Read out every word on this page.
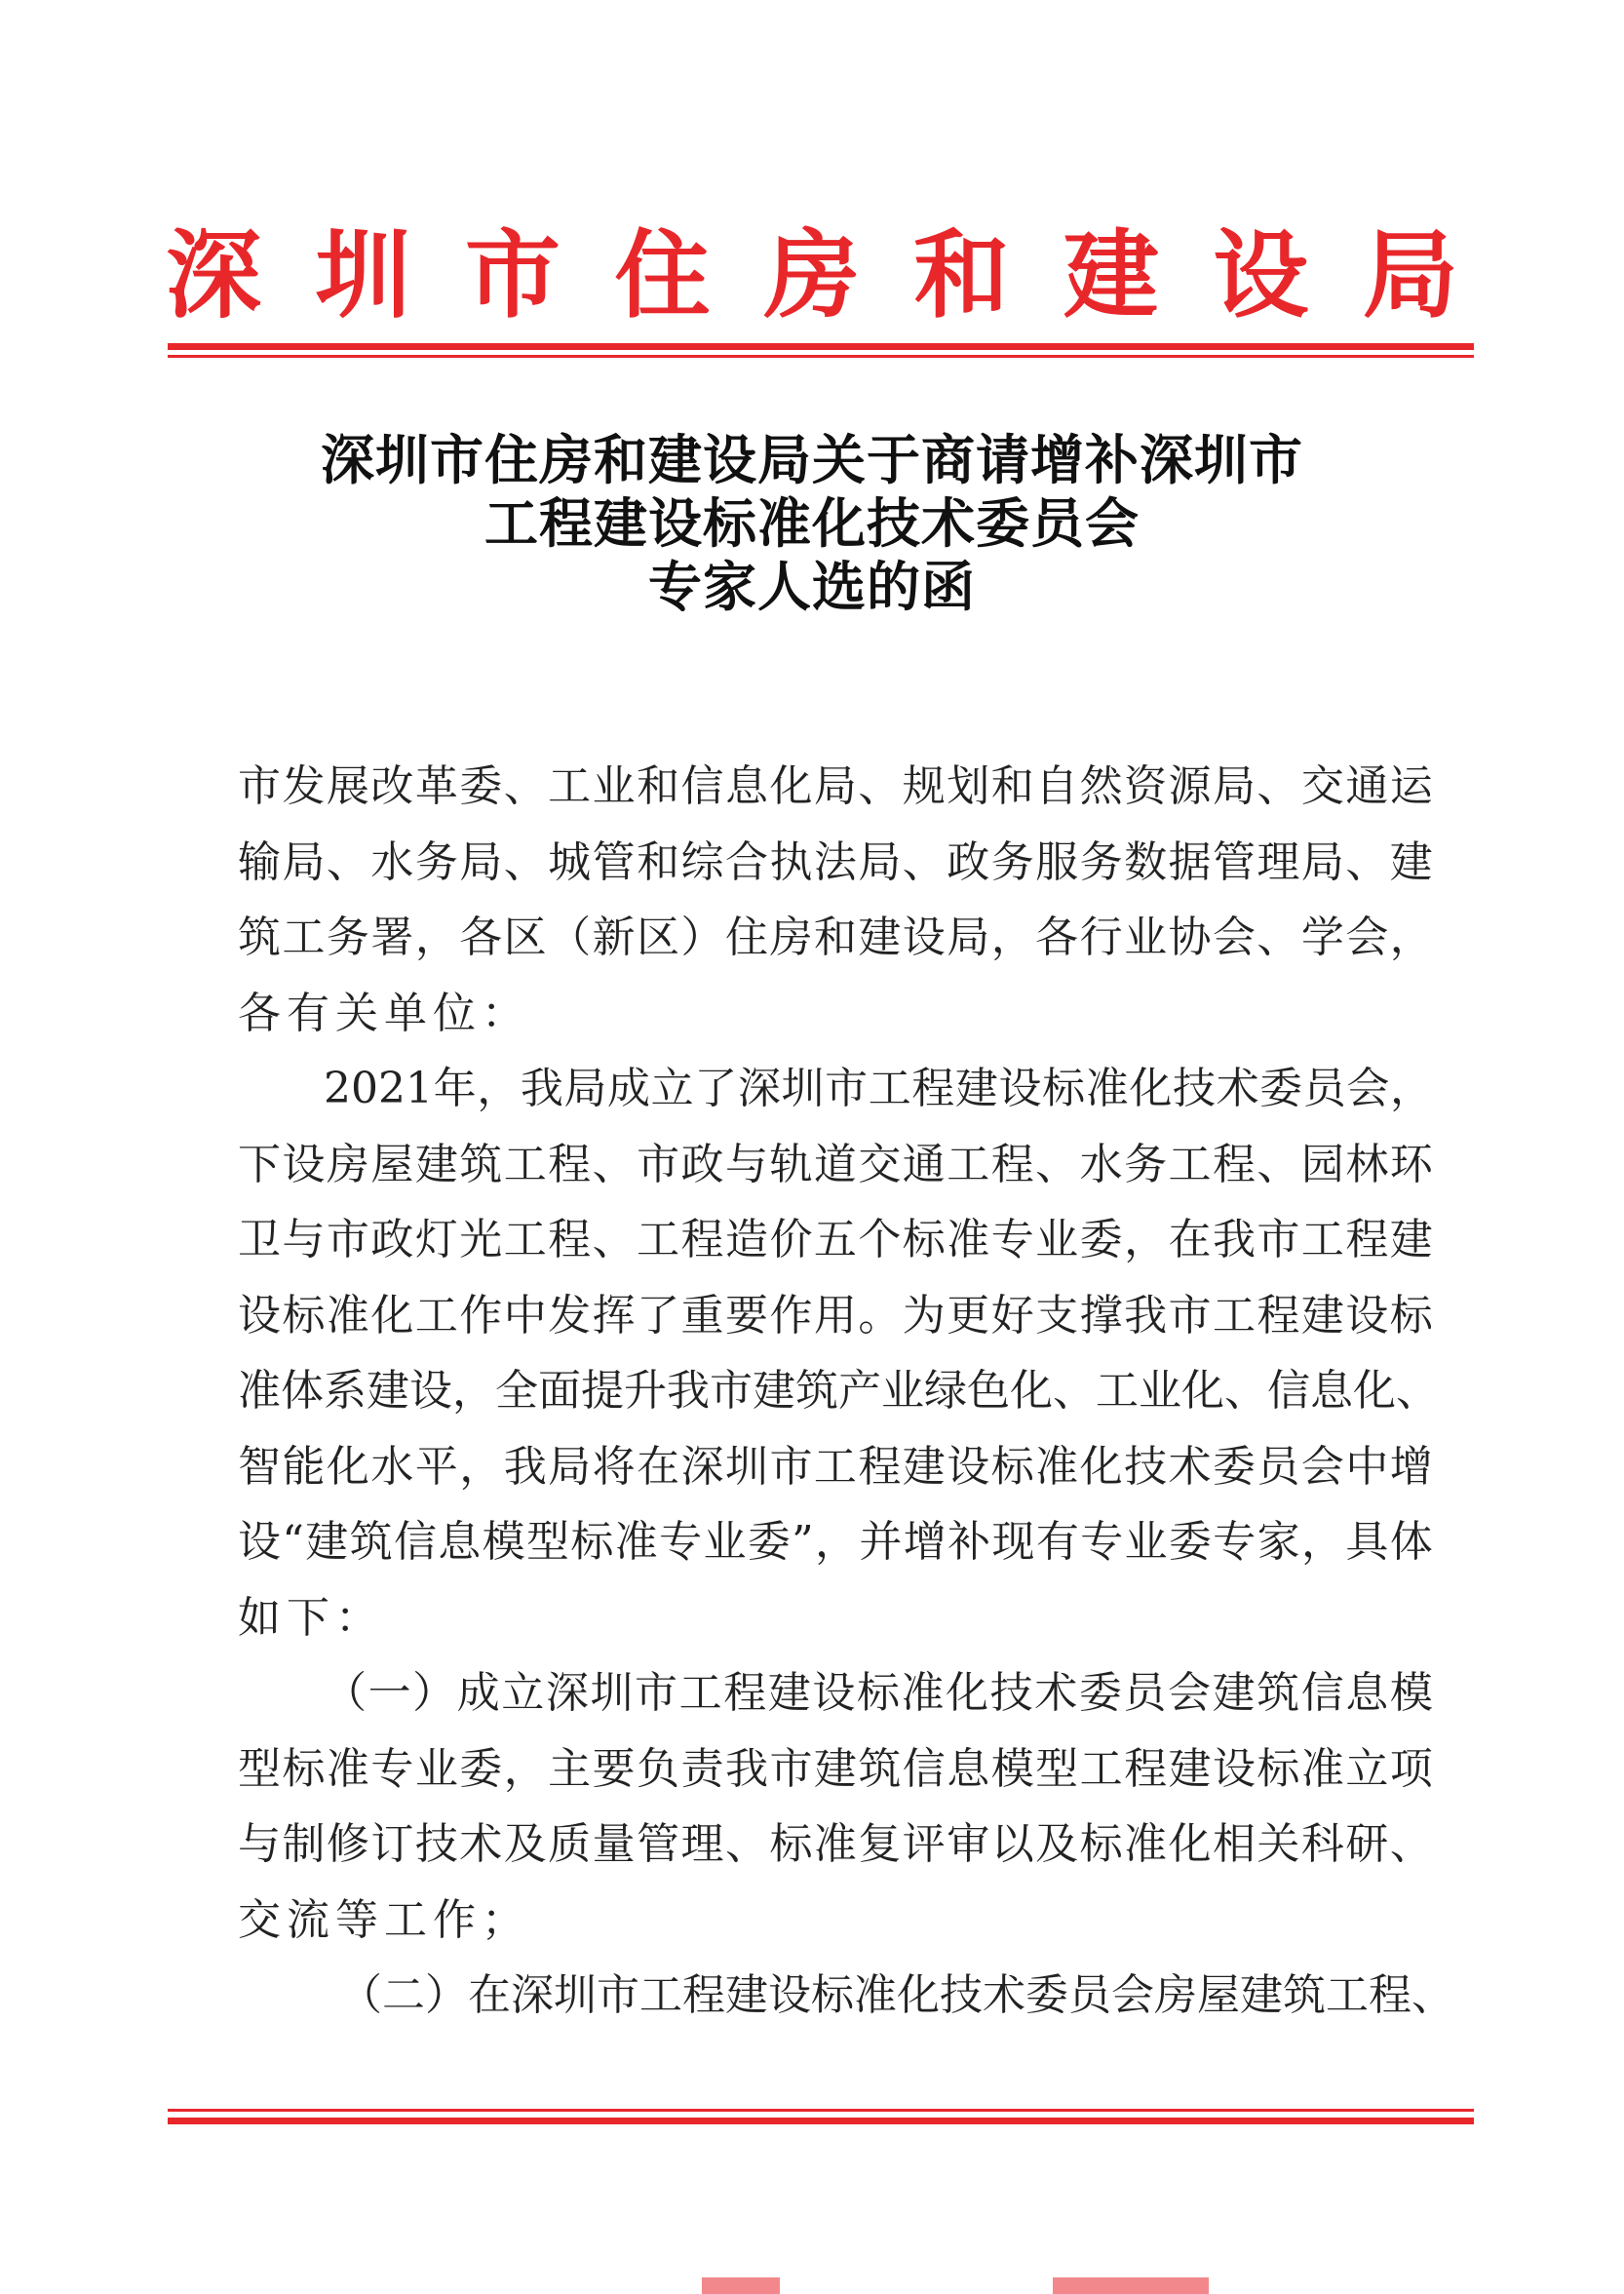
深 圳 市 住 房 和 建 设 局
深圳市住房和建设局关于商请增补深圳市
工程建设标准化技术委员会
专家人选的函
市 发 展 改 革 委 、 工 业 和 信 息 化 局 、 规 划 和 自 然 资 源 局 、 交 通 运
输 局 、 水 务 局 、 城 管 和 综 合 执 法 局 、 政 务 服 务 数 据 管 理 局 、 建
筑 工 务 署 ， 各 区 （ 新 区 ） 住 房 和 建 设 局 ， 各 行 业 协 会 、 学 会 ，
各 有 关 单 位 ：
2021 年 ， 我 局 成 立 了 深 圳 市 工 程 建 设 标 准 化 技 术 委 员 会 ，
下 设 房 屋 建 筑 工 程 、 市 政 与 轨 道 交 通 工 程 、 水 务 工 程 、 园 林 环
卫 与 市 政 灯 光 工 程 、 工 程 造 价 五 个 标 准 专 业 委 ， 在 我 市 工 程 建
设 标 准 化 工 作 中 发 挥 了 重 要 作 用 。 为 更 好 支 撑 我 市 工 程 建 设 标
准 体 系 建 设 ， 全 面 提 升 我 市 建 筑 产 业 绿 色 化 、 工 业 化 、 信 息 化 、
智 能 化 水 平 ， 我 局 将 在 深 圳 市 工 程 建 设 标 准 化 技 术 委 员 会 中 增
设 “ 建 筑 信 息 模 型 标 准 专 业 委 ” ， 并 增 补 现 有 专 业 委 专 家 ， 具 体
如 下 ：
（ 一 ） 成 立 深 圳 市 工 程 建 设 标 准 化 技 术 委 员 会 建 筑 信 息 模
型 标 准 专 业 委 ， 主 要 负 责 我 市 建 筑 信 息 模 型 工 程 建 设 标 准 立 项
与 制 修 订 技 术 及 质 量 管 理 、 标 准 复 评 审 以 及 标 准 化 相 关 科 研 、
交 流 等 工 作 ；
（ 二 ） 在 深 圳 市 工 程 建 设 标 准 化 技 术 委 员 会 房 屋 建 筑 工 程 、
